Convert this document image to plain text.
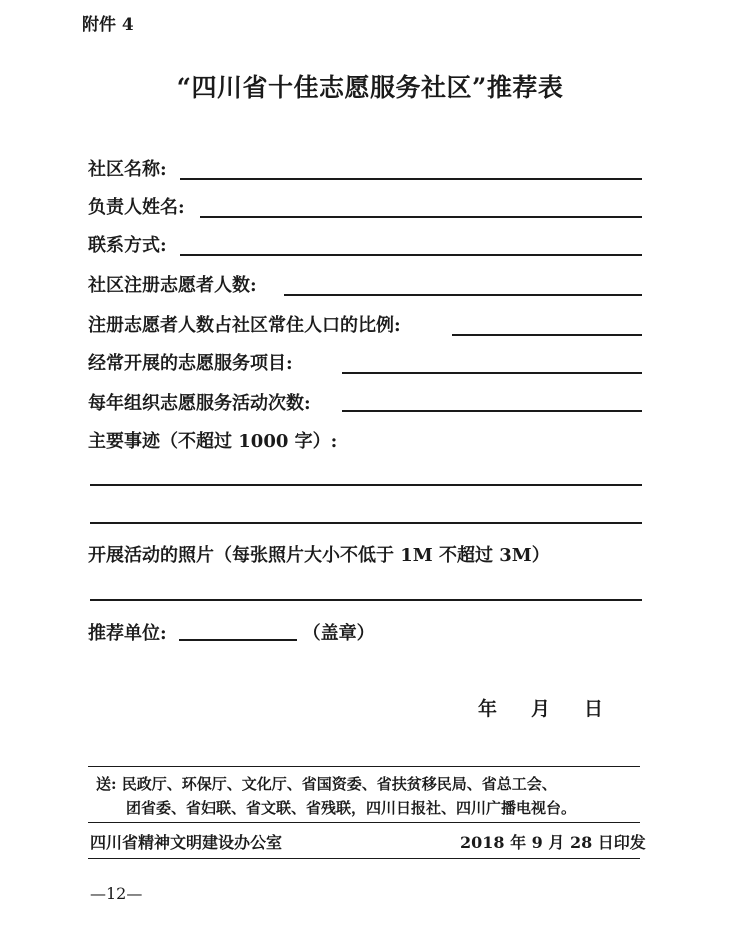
附件 4
“四川省十佳志愿服务社区”推荐表
社区名称:
负责人姓名:
联系方式:
社区注册志愿者人数:
注册志愿者人数占社区常住人口的比例:
经常开展的志愿服务项目:
每年组织志愿服务活动次数:
主要事迹（不超过 1000 字）:
开展活动的照片（每张照片大小不低于 1M 不超过 3M）
推荐单位:	（盖章）
年 月 日
送: 民政厅、环保厅、文化厅、省国资委、省扶贫移民局、省总工会、
团省委、省妇联、省文联、省残联，四川日报社、四川广播电视台。
四川省精神文明建设办公室	2018 年 9 月 28 日印发
—12—
